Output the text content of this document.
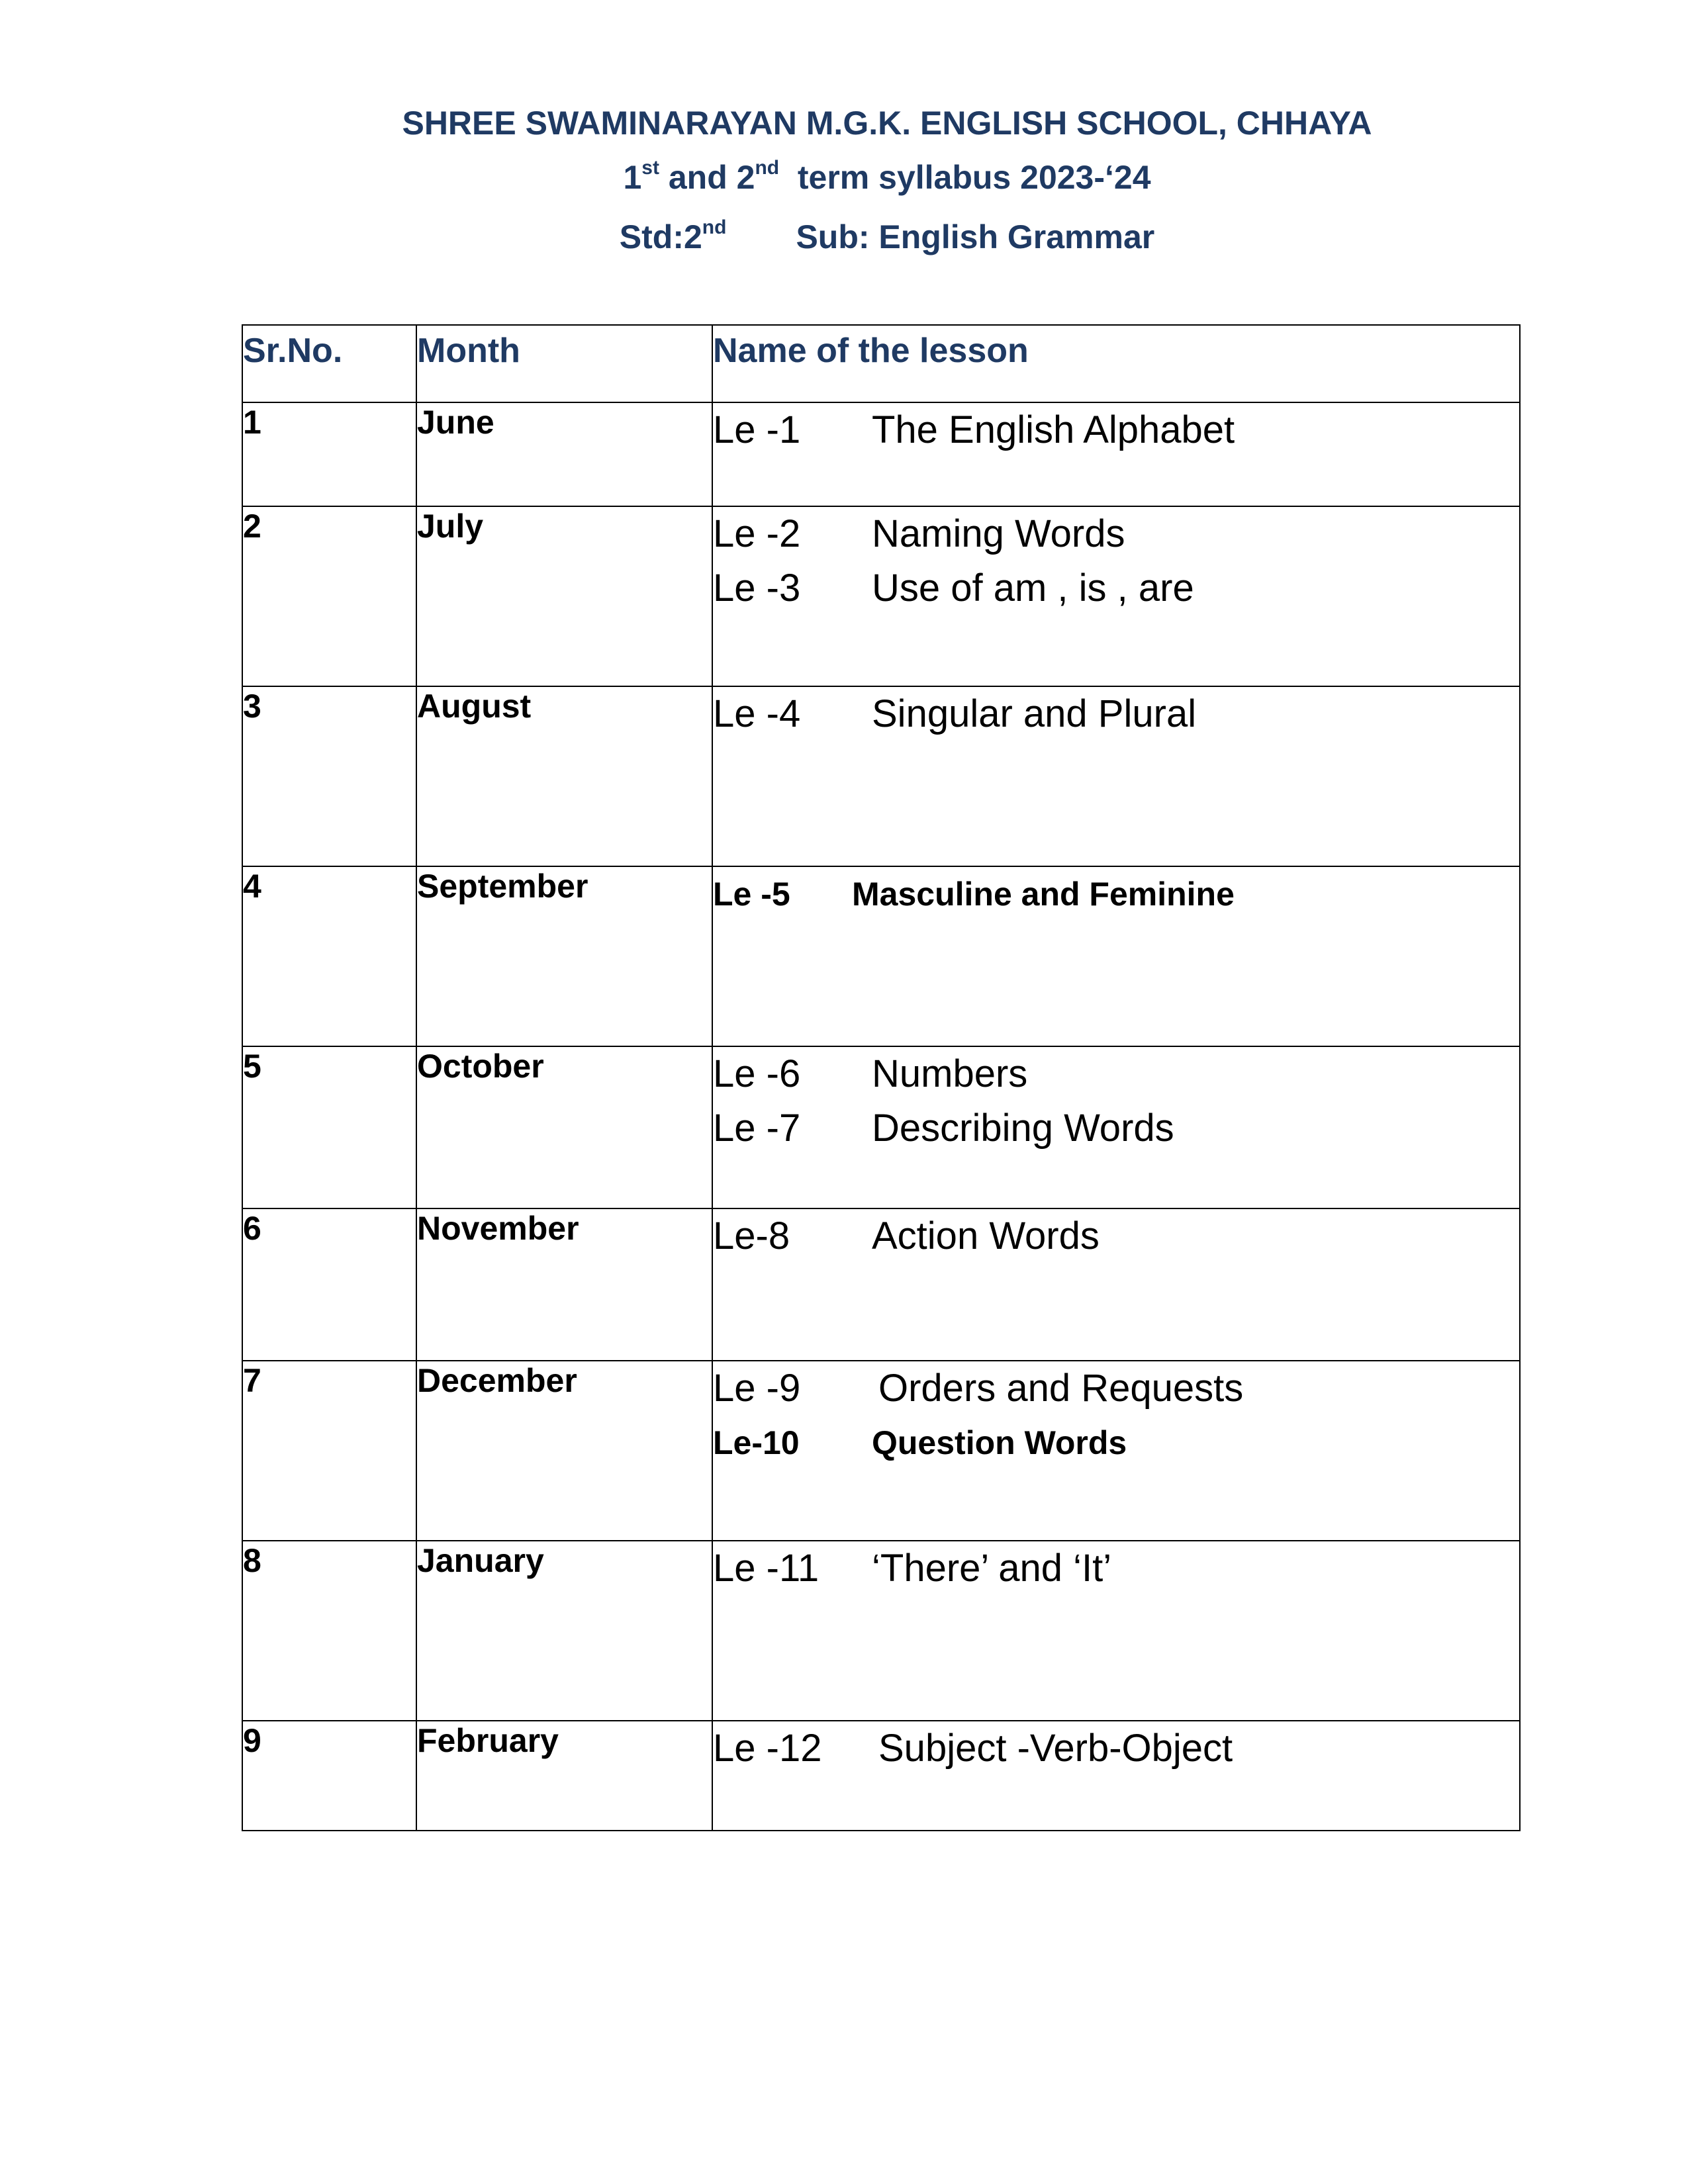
SHREE SWAMINARAYAN M.G.K. ENGLISH SCHOOL, CHHAYA
1st and 2nd  term syllabus 2023-‘24
Std:2nd Sub: English Grammar
Sr.No.	Month	Name of the lesson
1	June	Le -1 The English Alphabet

2	July	Le -2 Naming Words
Le -3 Use of am , is , are

3	August	Le -4 Singular and Plural

4	September	Le -5 Masculine and Feminine

5	October	Le -6 Numbers
Le -7 Describing Words

6	November	Le-8 Action Words

7	December	Le -9 Orders and Requests
Le-10 Question Words

8	January	Le -11 ‘There’ and ‘It’

9	February	Le -12 Subject -Verb-Object
